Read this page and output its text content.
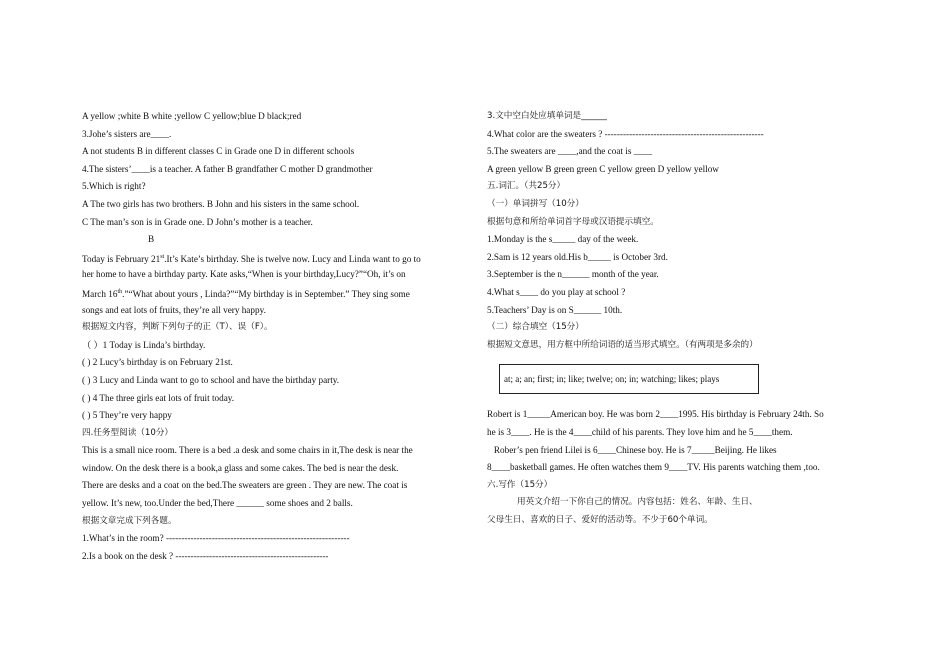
A yellow ;white B white ;yellow C yellow;blue D black;red
3.Johe’s sisters are____.
A not students B in different classes C in Grade one D in different schools
4.The sisters’____is a teacher. A father B grandfather C mother D grandmother
5.Which is right?
A The two girls has two brothers. B John and his sisters in the same school.
C The man’s son is in Grade one. D John’s mother is a teacher.
B
Today is February 21st.It’s Kate’s birthday. She is twelve now. Lucy and Linda want to go to
her home to have a birthday party. Kate asks,“When is your birthday,Lucy?”“Oh, it’s on
March 16th.”“What about yours , Linda?”“My birthday is in September.” They sing some
songs and eat lots of fruits, they’re all very happy.
根据短文内容，判断下列句子的正（T）、误（F）。
（ ）1 Today is Linda’s birthday.
( ) 2 Lucy’s birthday is on February 21st.
( ) 3 Lucy and Linda want to go to school and have the birthday party.
( ) 4 The three girls eat lots of fruit today.
( ) 5 They’re very happy
四.任务型阅读（10分）
This is a small nice room. There is a bed .a desk and some chairs in it,The desk is near the
window. On the desk there is a book,a glass and some cakes. The bed is near the desk.
There are desks and a coat on the bed.The sweaters are green . They are new. The coat is
yellow. It’s new, too.Under the bed,There ______ some shoes and 2 balls.
根据文章完成下列各题。
1.What’s in the room? ------------------------------------------------------------
2.Is a book on the desk ? --------------------------------------------------
3.文中空白处应填单词是______
4.What color are the sweaters ? ----------------------------------------------------
5.The sweaters are ____,and the coat is ____
A green yellow B green green C yellow green D yellow yellow
五.词汇。（共25分）
（一）单词拼写（10分）
根据句意和所给单词首字母或汉语提示填空。
1.Monday is the s_____ day of the week.
2.Sam is 12 years old.His b_____ is October 3rd.
3.September is the n______ month of the year.
4.What s____ do you play at school ?
5.Teachers’ Day is on S______ 10th.
（二）综合填空（15分）
根据短文意思，用方框中所给词语的适当形式填空。（有两项是多余的）
at; a; an; first; in; like; twelve; on; in; watching; likes; plays
Robert is 1_____American boy. He was born 2____1995. His birthday is February 24th. So
he is 3____. He is the 4____child of his parents. They love him and he 5____them.
Rober’s pen friend Lilei is 6____Chinese boy. He is 7_____Beijing. He likes
8____basketball games. He often watches them 9____TV. His parents watching them ,too.
六.写作（15分）
用英文介绍一下你自己的情况。内容包括：姓名、年龄、生日、
父母生日、喜欢的日子、爱好的活动等。不少于60个单词。
